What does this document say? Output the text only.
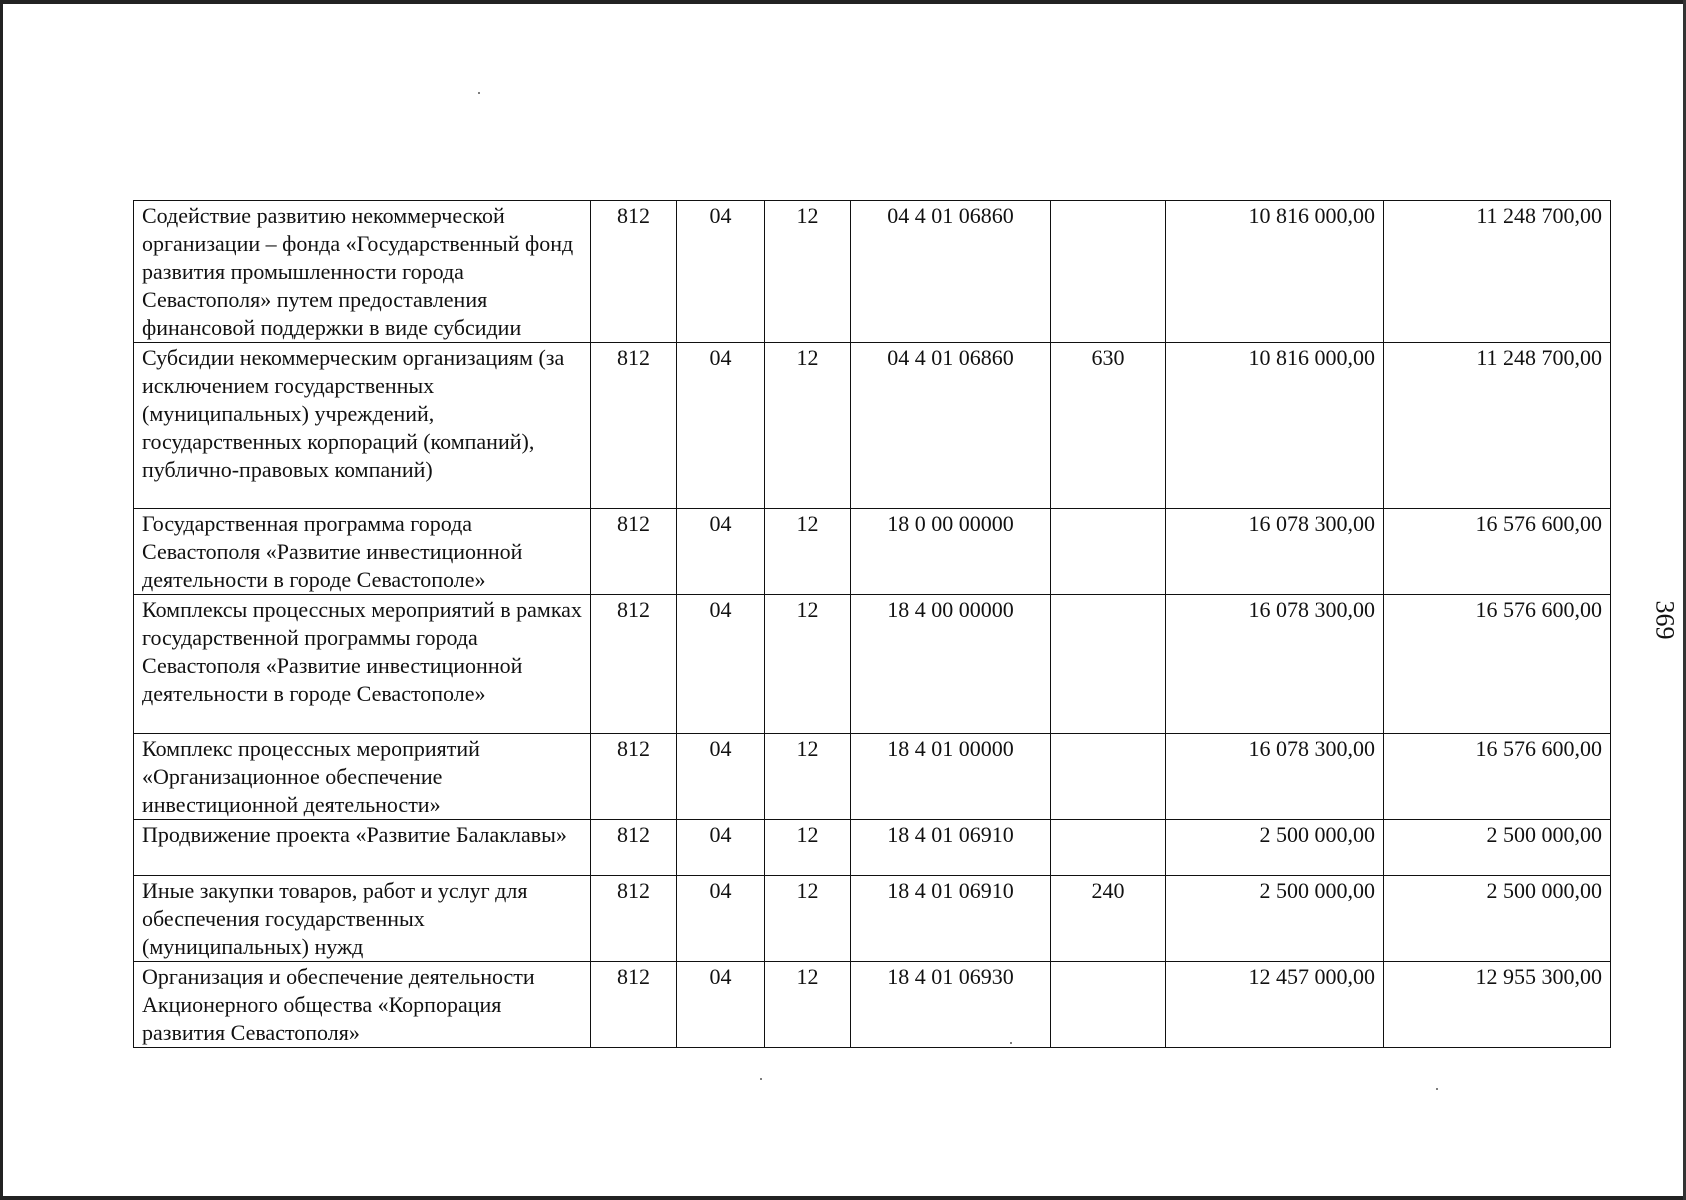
Содействие развитию некоммерческой организации – фонда «Государственный фонд развития промышленности города Севастополя» путем предоставления финансовой поддержки в виде субсидии	812	04	12	04 4 01 06860		10 816 000,00	11 248 700,00
Субсидии некоммерческим организациям (за исключением государственных (муниципальных) учреждений, государственных корпораций (компаний), публично-правовых компаний)	812	04	12	04 4 01 06860	630	10 816 000,00	11 248 700,00
Государственная программа города Севастополя «Развитие инвестиционной деятельности в городе Севастополе»	812	04	12	18 0 00 00000		16 078 300,00	16 576 600,00
Комплексы процессных мероприятий в рамках государственной программы города Севастополя «Развитие инвестиционной деятельности в городе Севастополе»	812	04	12	18 4 00 00000		16 078 300,00	16 576 600,00
Комплекс процессных мероприятий «Организационное обеспечение инвестиционной деятельности»	812	04	12	18 4 01 00000		16 078 300,00	16 576 600,00
Продвижение проекта «Развитие Балаклавы»	812	04	12	18 4 01 06910		2 500 000,00	2 500 000,00
Иные закупки товаров, работ и услуг для обеспечения государственных (муниципальных) нужд	812	04	12	18 4 01 06910	240	2 500 000,00	2 500 000,00
Организация и обеспечение деятельности Акционерного общества «Корпорация развития Севастополя»	812	04	12	18 4 01 06930		12 457 000,00	12 955 300,00
369
